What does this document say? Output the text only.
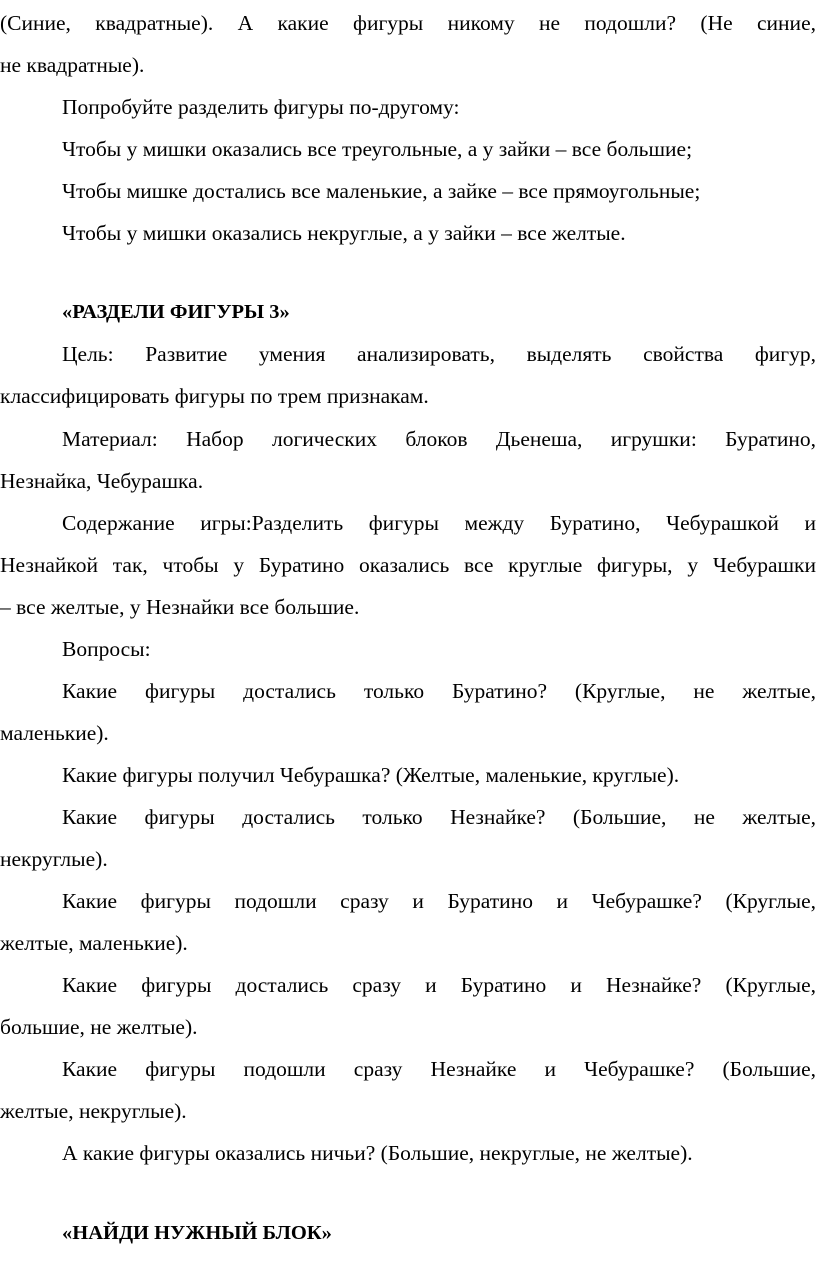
(Синие, квадратные). А какие фигуры никому не подошли? (Не синие,
не квадратные).
Попробуйте разделить фигуры по-другому:
Чтобы у мишки оказались все треугольные, а у зайки – все большие;
Чтобы мишке достались все маленькие, а зайке – все прямоугольные;
Чтобы у мишки оказались некруглые, а у зайки – все желтые.
«РАЗДЕЛИ ФИГУРЫ 3»
Цель: Развитие умения анализировать, выделять свойства фигур,
классифицировать фигуры по трем признакам.
Материал: Набор логических блоков Дьенеша, игрушки: Буратино,
Незнайка, Чебурашка.
Содержание игры:Разделить фигуры между Буратино, Чебурашкой и
Незнайкой так, чтобы у Буратино оказались все круглые фигуры, у Чебурашки
– все желтые, у Незнайки все большие.
Вопросы:
Какие фигуры достались только Буратино? (Круглые, не желтые,
маленькие).
Какие фигуры получил Чебурашка? (Желтые, маленькие, круглые).
Какие фигуры достались только Незнайке? (Большие, не желтые,
некруглые).
Какие фигуры подошли сразу и Буратино и Чебурашке? (Круглые,
желтые, маленькие).
Какие фигуры достались сразу и Буратино и Незнайке? (Круглые,
большие, не желтые).
Какие фигуры подошли сразу Незнайке и Чебурашке? (Большие,
желтые, некруглые).
А какие фигуры оказались ничьи? (Большие, некруглые, не желтые).
«НАЙДИ НУЖНЫЙ БЛОК»
